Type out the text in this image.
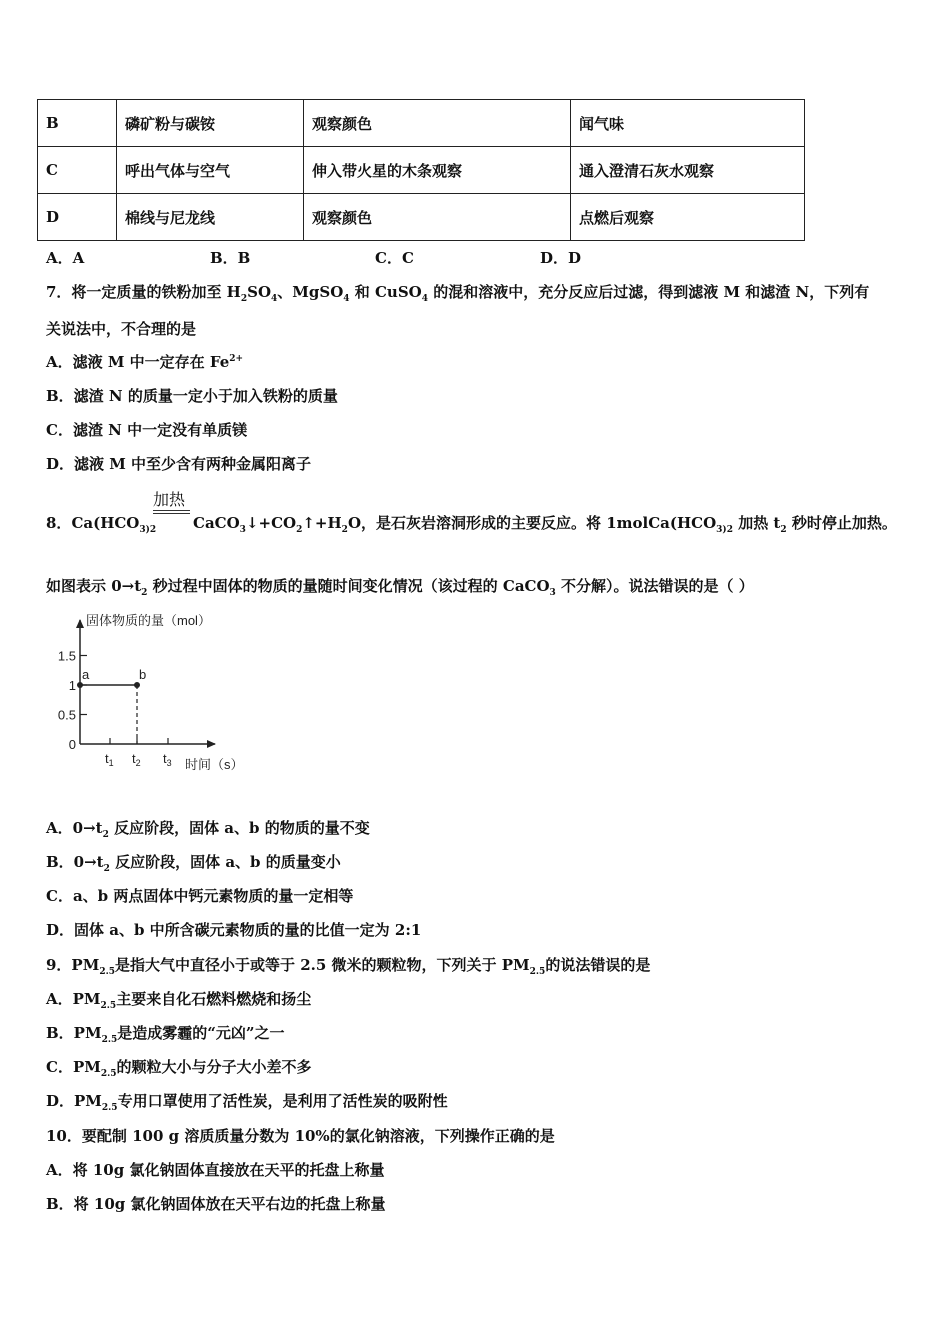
B	磷矿粉与碳铵	观察颜色	闻气味
C	呼出气体与空气	伸入带火星的木条观察	通入澄清石灰水观察
D	棉线与尼龙线	观察颜色	点燃后观察
A．A	B．B	C．C	D．D
7．将一定质量的铁粉加至 $H_2SO_4$、MgSO$_4$ 和 CuSO$_4$ 的混和溶液中，充分反应后过滤，得到滤液 M 和滤渣 N，下列有
关说法中，不合理的是
A．滤液 M 中一定存在 $Fe^{2+}$
B．滤渣 N 的质量一定小于加入铁粉的质量
C．滤渣 N 中一定没有单质镁
D．滤液 M 中至少含有两种金属阳离子
加热
8．$Ca(HCO_{3)2}$ $CaCO_3↓+CO_2↑+H_2O$，是石灰岩溶洞形成的主要反应。将 $1molCa(HCO_{3)2}$ 加热 $t_2$ 秒时停止加热。
如图表示 $0\to t_2$ 秒过程中固体的物质的量随时间变化情况（该过程的 CaCO$_3$ 不分解）。说法错误的是（ ）
固体物质的量（mol）
时间（s）
1.5
1
0.5
0
$t_1$ $t_2$ $t_3$
a	b
A．$0\to t_2$ 反应阶段，固体 a、b 的物质的量不变
B．$0\to t_2$ 反应阶段，固体 a、b 的质量变小
C．a、b 两点固体中钙元素物质的量一定相等
D．固体 a、b 中所含碳元素物质的量的比值一定为 2:1
9．$PM_{2.5}$是指大气中直径小于或等于 2.5 微米的颗粒物，下列关于 $PM_{2.5}$的说法错误的是
A．$PM_{2.5}$主要来自化石燃料燃烧和扬尘
B．$PM_{2.5}$是造成雾霾的“元凶”之一
C．$PM_{2.5}$的颗粒大小与分子大小差不多
D．$PM_{2.5}$专用口罩使用了活性炭，是利用了活性炭的吸附性
10．要配制 100 g 溶质质量分数为 10%的氯化钠溶液，下列操作正确的是
A．将 10g 氯化钠固体直接放在天平的托盘上称量
B．将 10g 氯化钠固体放在天平右边的托盘上称量
